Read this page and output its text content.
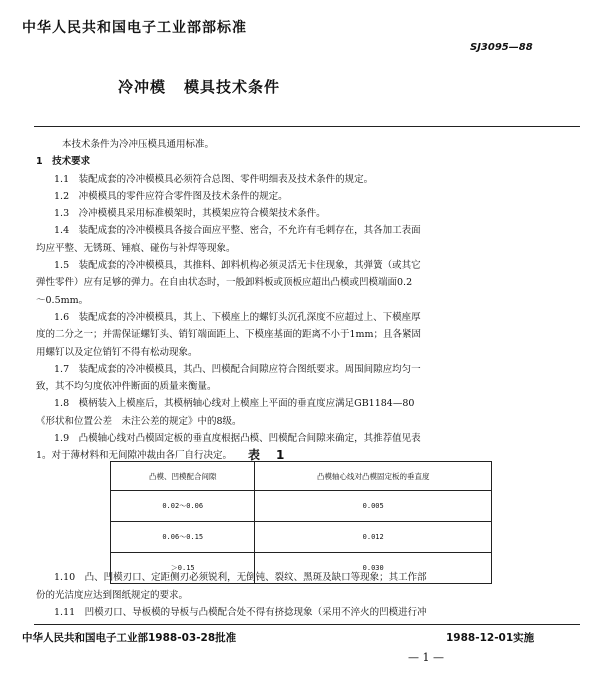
中华人民共和国电子工业部部标准
SJ3095—88
冷冲模 模具技术条件

本技术条件为冷冲压模具通用标准。

1　技术要求

1.1　装配成套的冷冲模模具必须符合总图、零件明细表及技术条件的规定。

1.2　冲模模具的零件应符合零件图及技术条件的规定。

1.3　冷冲模模具采用标准模架时，其模架应符合模架技术条件。

1.4　装配成套的冷冲模模具各接合面应平整、密合，不允许有毛刺存在，其各加工表面

均应平整、无锈斑、锤痕、碰伤与补焊等现象。

1.5　装配成套的冷冲模模具，其推料、卸料机构必须灵活无卡住现象，其弹簧（或其它

弹性零件）应有足够的弹力。在自由状态时，一般卸料板或顶板应超出凸模或凹模端面0.2

～0.5mm。

1.6　装配成套的冷冲模模具，其上、下模座上的螺钉头沉孔深度不应超过上、下模座厚

度的二分之一；并需保证螺钉头、销钉端面距上、下模座基面的距离不小于1mm；且各紧固

用螺钉以及定位销钉不得有松动现象。

1.7　装配成套的冷冲模模具，其凸、凹模配合间隙应符合图纸要求。周围间隙应均匀一

致，其不均匀度依冲件断面的质量来衡量。

1.8　模柄装入上模座后，其模柄轴心线对上模座上平面的垂直度应满足GB1184—80

《形状和位置公差　未注公差的规定》中的8级。

1.9　凸模轴心线对凸模固定板的垂直度根据凸模、凹模配合间隙来确定，其推荐值见表

1。对于薄材料和无间隙冲裁由各厂自行决定。	表　1
凸模、凹模配合间隙	凸模轴心线对凸模固定板的垂直度
0.02～0.06	0.005
0.06～0.15	0.012
＞0.15	0.030

1.10　凸、凹模刃口、定距侧刃必须锐利，无倒钝、裂纹、黑斑及缺口等现象；其工作部

份的光洁度应达到图纸规定的要求。

1.11　凹模刃口、导板模的导板与凸模配合处不得有挤捻现象（采用不淬火的凹模进行冲

中华人民共和国电子工业部1988-03-28批准	1988-12-01实施
— 1 —
